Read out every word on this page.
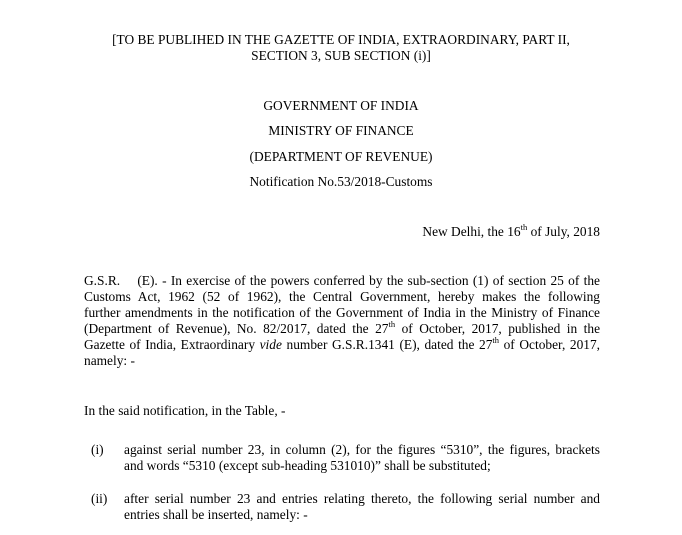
[TO BE PUBLIHED IN THE GAZETTE OF INDIA, EXTRAORDINARY, PART II,
SECTION 3, SUB SECTION (i)]
GOVERNMENT OF INDIA
MINISTRY OF FINANCE
(DEPARTMENT OF REVENUE)
Notification No.53/2018-Customs
New Delhi, the 16th of July, 2018
G.S.R.    (E). - In exercise of the powers conferred by the sub-section (1) of section 25 of the
Customs Act, 1962 (52 of 1962), the Central Government, hereby makes the following
further amendments in the notification of the Government of India in the Ministry of Finance
(Department of Revenue), No. 82/2017, dated the 27th of October, 2017, published in the
Gazette of India, Extraordinary vide number G.S.R.1341 (E), dated the 27th of October, 2017,
namely: -
In the said notification, in the Table, -
(i) against serial number 23, in column (2), for the figures “5310”, the figures, brackets
and words “5310 (except sub-heading 531010)” shall be substituted;
(ii) after serial number 23 and entries relating thereto, the following serial number and
entries shall be inserted, namely: -
